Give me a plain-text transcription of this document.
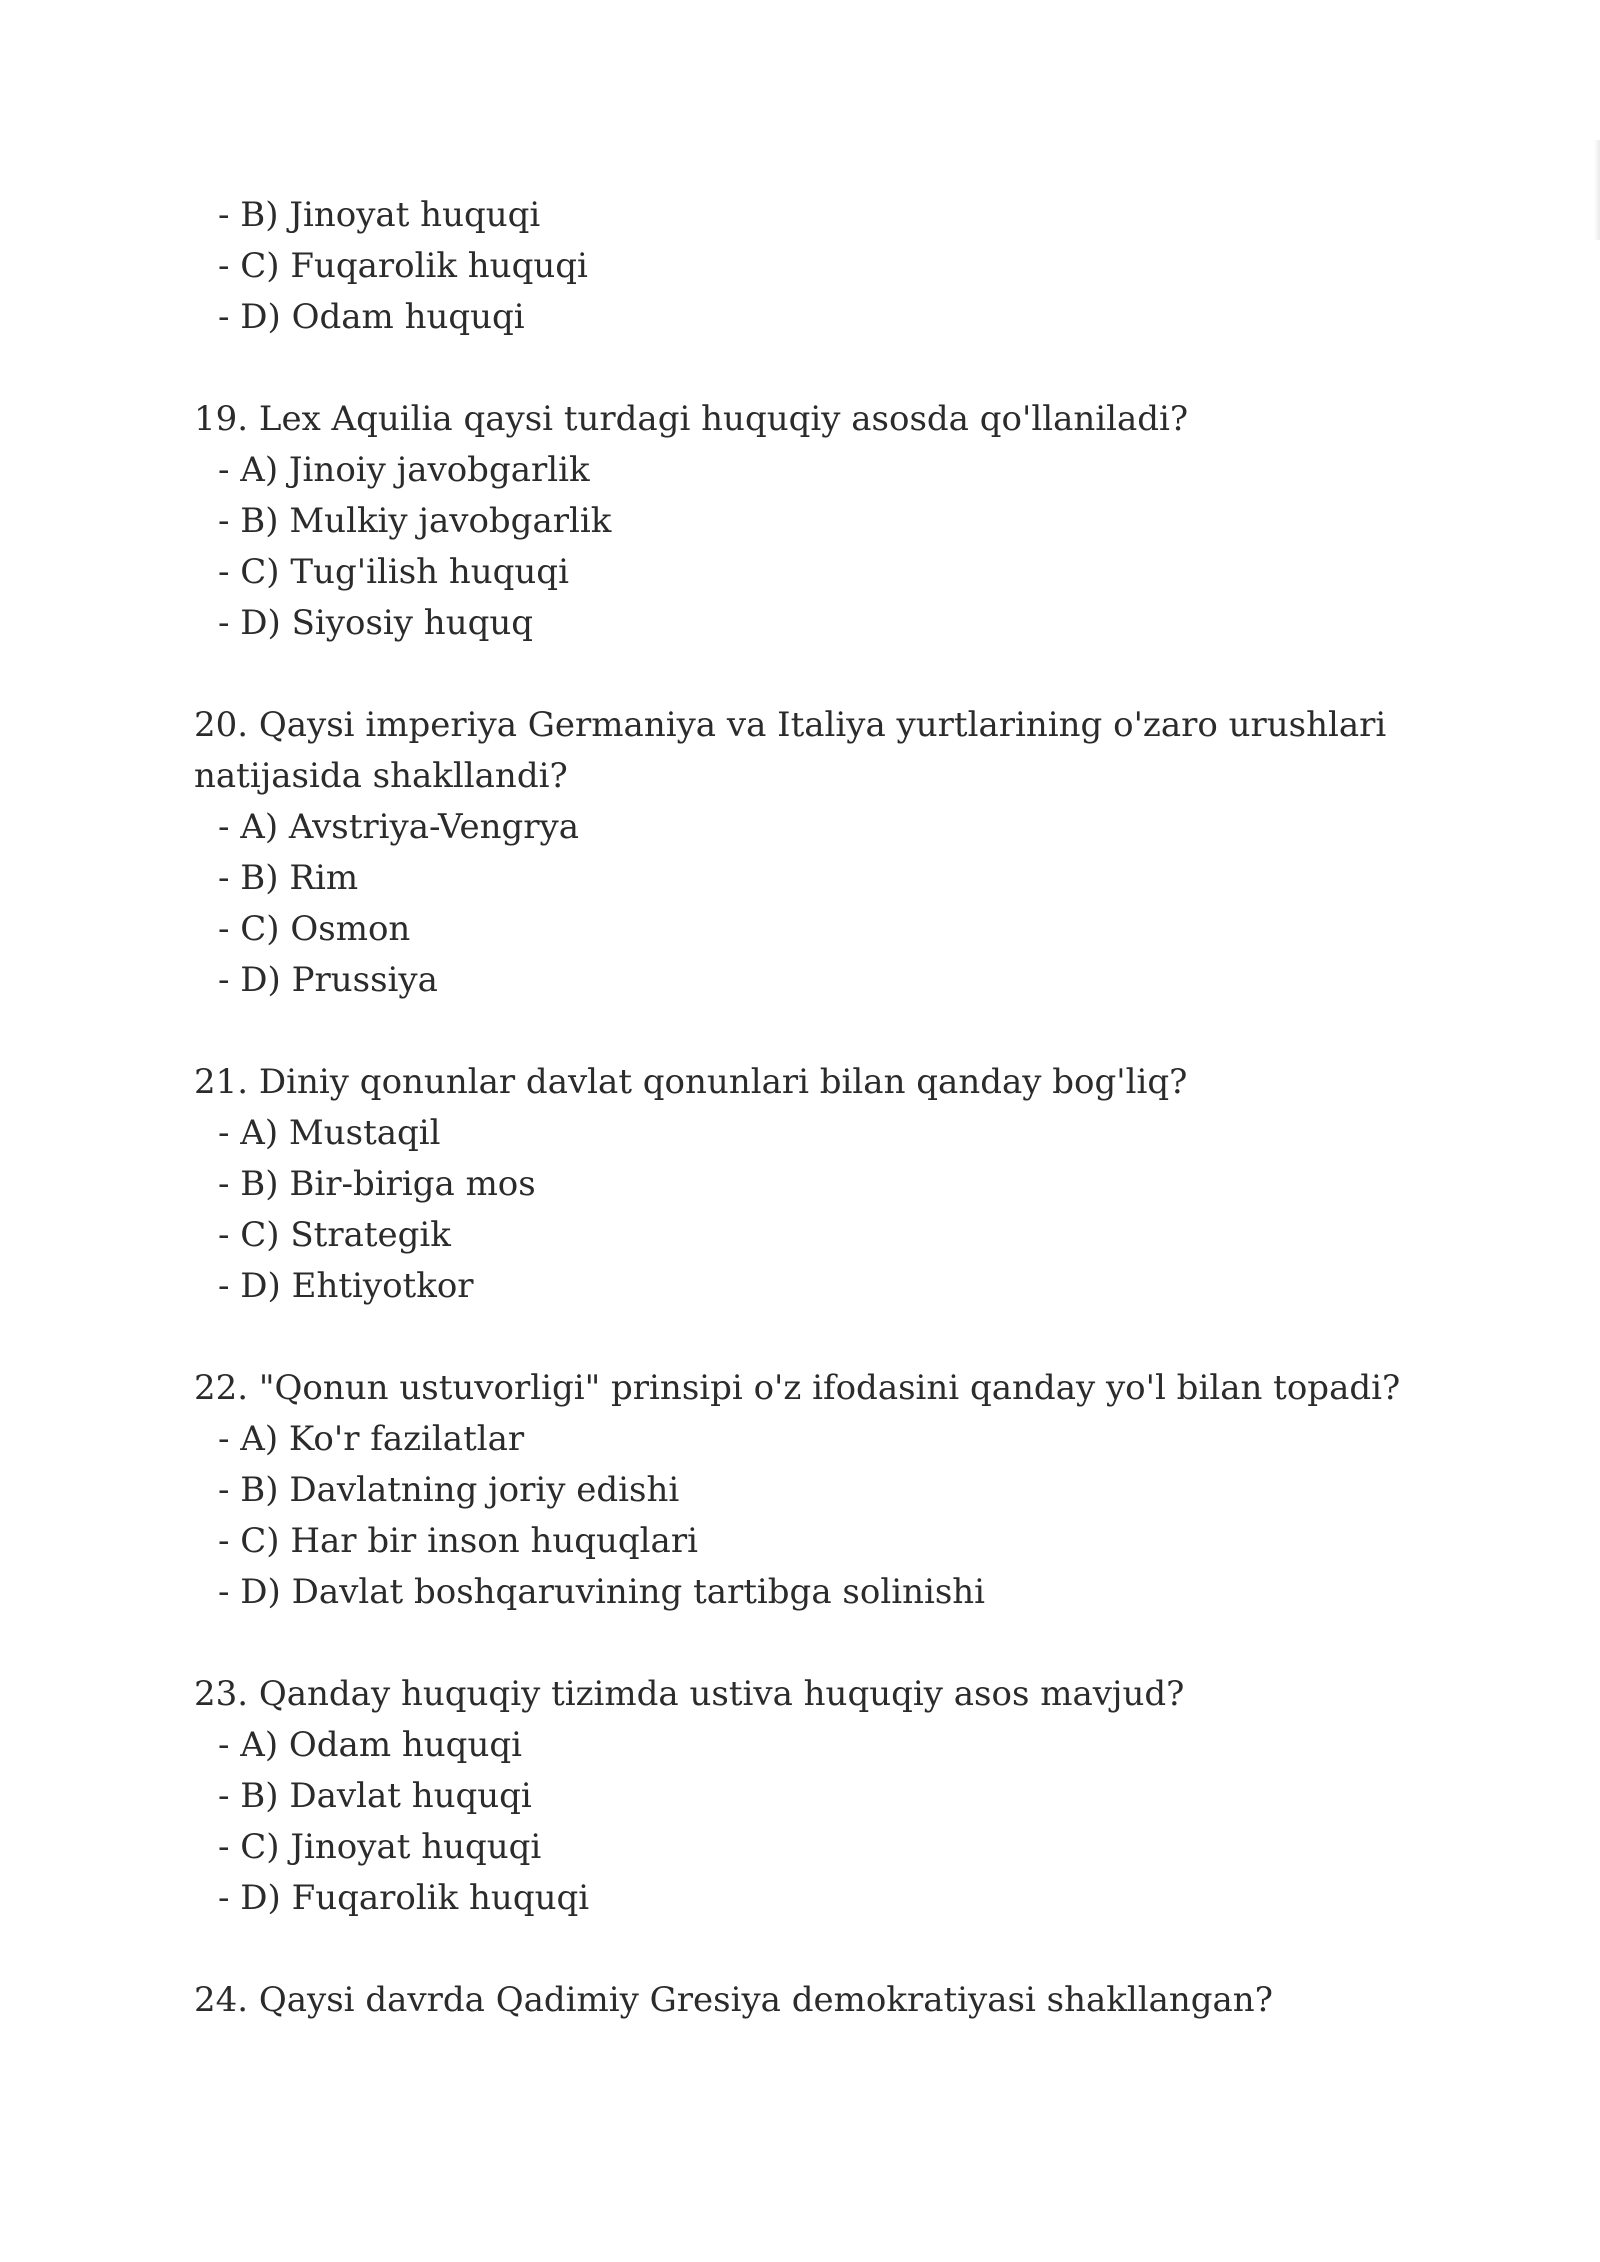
- B) Jinoyat huquqi
- C) Fuqarolik huquqi
- D) Odam huquqi
19. Lex Aquilia qaysi turdagi huquqiy asosda qo'llaniladi?
- A) Jinoiy javobgarlik
- B) Mulkiy javobgarlik
- C) Tug'ilish huquqi
- D) Siyosiy huquq
20. Qaysi imperiya Germaniya va Italiya yurtlarining o'zaro urushlari natijasida shakllandi?
- A) Avstriya-Vengrya
- B) Rim
- C) Osmon
- D) Prussiya
21. Diniy qonunlar davlat qonunlari bilan qanday bog'liq?
- A) Mustaqil
- B) Bir-biriga mos
- C) Strategik
- D) Ehtiyotkor
22. "Qonun ustuvorligi" prinsipi o'z ifodasini qanday yo'l bilan topadi?
- A) Ko'r fazilatlar
- B) Davlatning joriy edishi
- C) Har bir inson huquqlari
- D) Davlat boshqaruvining tartibga solinishi
23. Qanday huquqiy tizimda ustiva huquqiy asos mavjud?
- A) Odam huquqi
- B) Davlat huquqi
- C) Jinoyat huquqi
- D) Fuqarolik huquqi
24. Qaysi davrda Qadimiy Gresiya demokratiyasi shakllangan?
